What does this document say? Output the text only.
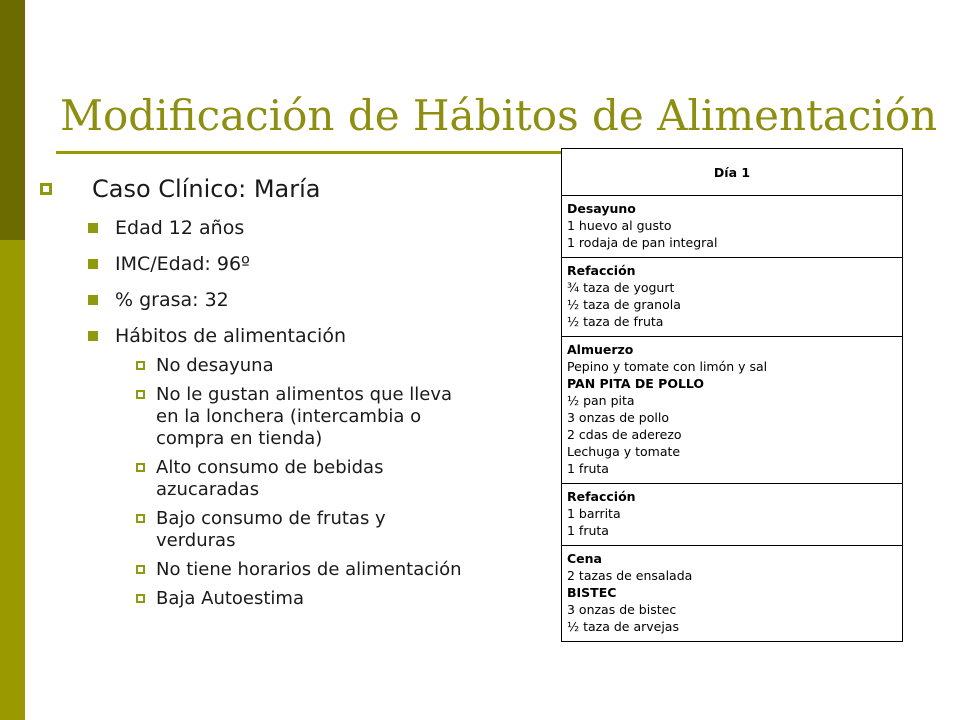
Modificación de Hábitos de Alimentación
Caso Clínico: María
Edad 12 años
IMC/Edad: 96º
% grasa: 32
Hábitos de alimentación
No desayuna
No le gustan alimentos que lleva en la lonchera (intercambia o compra en tienda)
Alto consumo de bebidas azucaradas
Bajo consumo de frutas y verduras
No tiene horarios de alimentación
Baja Autoestima
Día 1

Desayuno
1 huevo al gusto
1 rodaja de pan integral

Refacción
¾ taza de yogurt
½ taza de granola
½ taza de fruta

Almuerzo
Pepino y tomate con limón y sal
PAN PITA DE POLLO
½ pan pita
3 onzas de pollo
2 cdas de aderezo
Lechuga y tomate
1 fruta

Refacción
1 barrita
1 fruta

Cena
2 tazas de ensalada
BISTEC
3 onzas de bistec
½ taza de arvejas
